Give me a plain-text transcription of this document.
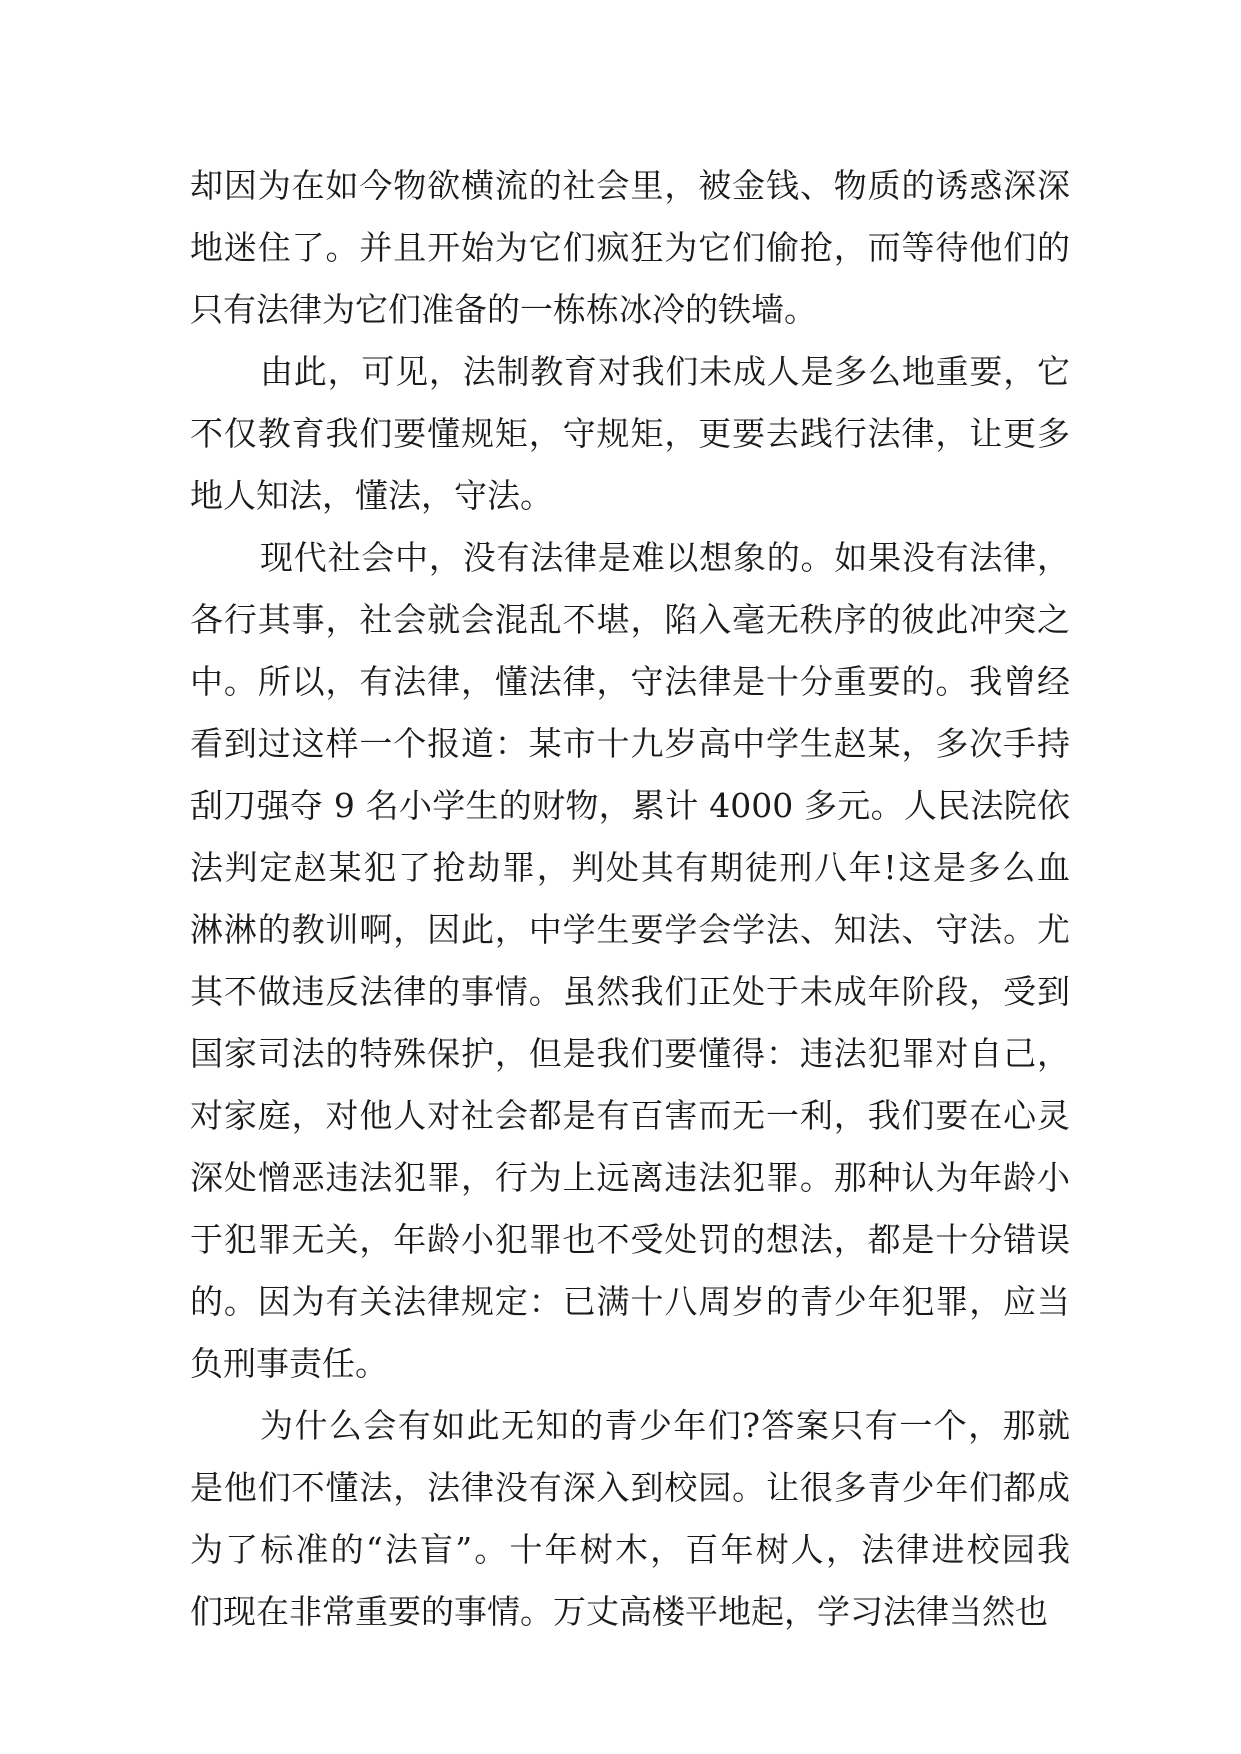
却因为在如今物欲横流的社会里，被金钱、物质的诱惑深深
地迷住了。并且开始为它们疯狂为它们偷抢，而等待他们的
只有法律为它们准备的一栋栋冰冷的铁墙。
由此，可见，法制教育对我们未成人是多么地重要，它
不仅教育我们要懂规矩，守规矩，更要去践行法律，让更多
地人知法，懂法，守法。
现代社会中，没有法律是难以想象的。如果没有法律，
各行其事，社会就会混乱不堪，陷入毫无秩序的彼此冲突之
中。所以，有法律，懂法律，守法律是十分重要的。我曾经
看到过这样一个报道：某市十九岁高中学生赵某，多次手持
刮刀强夺 9 名小学生的财物，累计 4000 多元。人民法院依
法判定赵某犯了抢劫罪，判处其有期徒刑八年!这是多么血
淋淋的教训啊，因此，中学生要学会学法、知法、守法。尤
其不做违反法律的事情。虽然我们正处于未成年阶段，受到
国家司法的特殊保护，但是我们要懂得：违法犯罪对自己，
对家庭，对他人对社会都是有百害而无一利，我们要在心灵
深处憎恶违法犯罪，行为上远离违法犯罪。那种认为年龄小
于犯罪无关，年龄小犯罪也不受处罚的想法，都是十分错误
的。因为有关法律规定：已满十八周岁的青少年犯罪，应当
负刑事责任。
为什么会有如此无知的青少年们?答案只有一个，那就
是他们不懂法，法律没有深入到校园。让很多青少年们都成
为了标准的“法盲”。十年树木，百年树人，法律进校园我
们现在非常重要的事情。万丈高楼平地起，学习法律当然也
